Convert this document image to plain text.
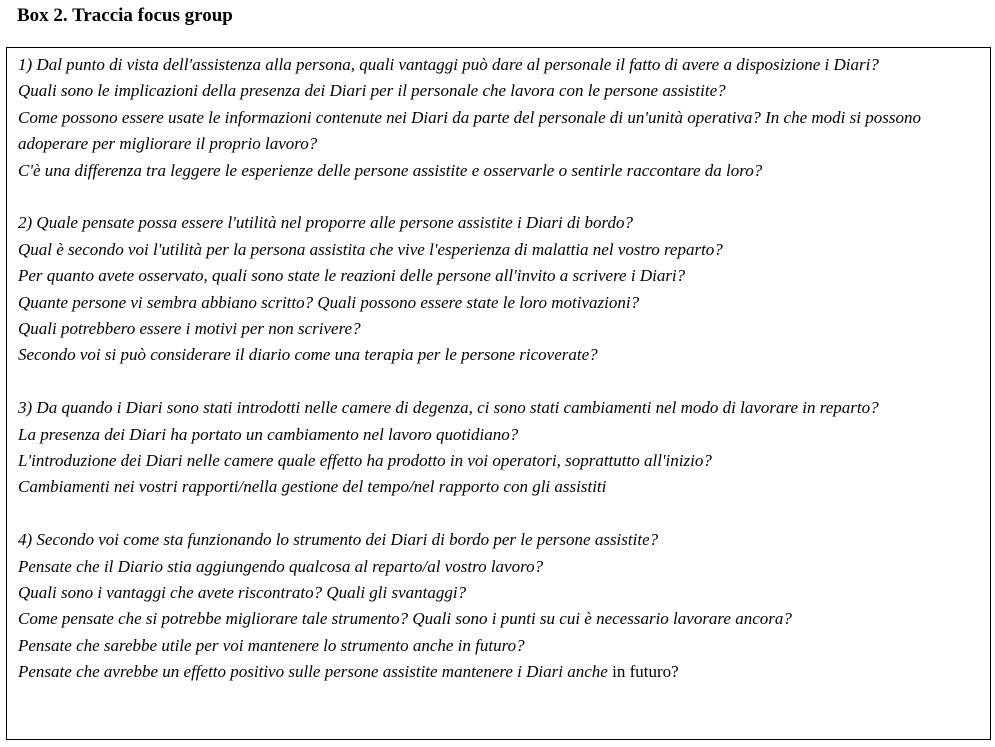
Box 2. Traccia focus group
1) Dal punto di vista dell'assistenza alla persona, quali vantaggi può dare al personale il fatto di avere a disposizione i Diari?
Quali sono le implicazioni della presenza dei Diari per il personale che lavora con le persone assistite?
Come possono essere usate le informazioni contenute nei Diari da parte del personale di un'unità operativa? In che modi si possono adoperare per migliorare il proprio lavoro?
C'è una differenza tra leggere le esperienze delle persone assistite e osservarle o sentirle raccontare da loro?
2) Quale pensate possa essere l'utilità nel proporre alle persone assistite i Diari di bordo?
Qual è secondo voi l'utilità per la persona assistita che vive l'esperienza di malattia nel vostro reparto?
Per quanto avete osservato, quali sono state le reazioni delle persone all'invito a scrivere i Diari?
Quante persone vi sembra abbiano scritto? Quali possono essere state le loro motivazioni?
Quali potrebbero essere i motivi per non scrivere?
Secondo voi si può considerare il diario come una terapia per le persone ricoverate?
3) Da quando i Diari sono stati introdotti nelle camere di degenza, ci sono stati cambiamenti nel modo di lavorare in reparto?
La presenza dei Diari ha portato un cambiamento nel lavoro quotidiano?
L'introduzione dei Diari nelle camere quale effetto ha prodotto in voi operatori, soprattutto all'inizio?
Cambiamenti nei vostri rapporti/nella gestione del tempo/nel rapporto con gli assistiti
4) Secondo voi come sta funzionando lo strumento dei Diari di bordo per le persone assistite?
Pensate che il Diario stia aggiungendo qualcosa al reparto/al vostro lavoro?
Quali sono i vantaggi che avete riscontrato? Quali gli svantaggi?
Come pensate che si potrebbe migliorare tale strumento? Quali sono i punti su cui è necessario lavorare ancora?
Pensate che sarebbe utile per voi mantenere lo strumento anche in futuro?
Pensate che avrebbe un effetto positivo sulle persone assistite mantenere i Diari anche in futuro?
